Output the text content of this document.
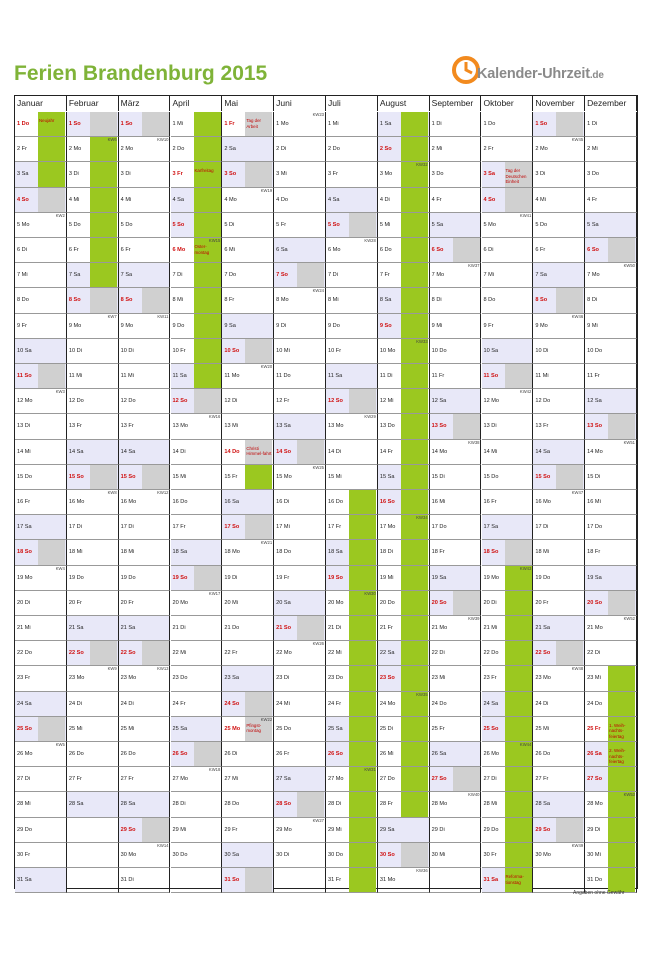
Ferien Brandenburg 2015	Kalender-Uhrzeit.de
Januar
1 Do
Neujahr
2 Fr
3 Sa
4 So
5 Mo
KW2
6 Di
7 Mi
8 Do
9 Fr
10 Sa
11 So
12 Mo
KW3
13 Di
14 Mi
15 Do
16 Fr
17 Sa
18 So
19 Mo
KW4
20 Di
21 Mi
22 Do
23 Fr
24 Sa
25 So
26 Mo
KW5
27 Di
28 Mi
29 Do
30 Fr
31 Sa
Februar
1 So
2 Mo
KW6
3 Di
4 Mi
5 Do
6 Fr
7 Sa
8 So
9 Mo
KW7
10 Di
11 Mi
12 Do
13 Fr
14 Sa
15 So
16 Mo
KW8
17 Di
18 Mi
19 Do
20 Fr
21 Sa
22 So
23 Mo
KW9
24 Di
25 Mi
26 Do
27 Fr
28 Sa
März
1 So
2 Mo
KW10
3 Di
4 Mi
5 Do
6 Fr
7 Sa
8 So
9 Mo
KW11
10 Di
11 Mi
12 Do
13 Fr
14 Sa
15 So
16 Mo
KW12
17 Di
18 Mi
19 Do
20 Fr
21 Sa
22 So
23 Mo
KW13
24 Di
25 Mi
26 Do
27 Fr
28 Sa
29 So
30 Mo
KW14
31 Di
April
1 Mi
2 Do
3 Fr
Karfreitag
4 Sa
5 So
6 Mo
Oster-montag
KW15
7 Di
8 Mi
9 Do
10 Fr
11 Sa
12 So
13 Mo
KW16
14 Di
15 Mi
16 Do
17 Fr
18 Sa
19 So
20 Mo
KW17
21 Di
22 Mi
23 Do
24 Fr
25 Sa
26 So
27 Mo
KW18
28 Di
29 Mi
30 Do
Mai
1 Fr
Tag der Arbeit
2 Sa
3 So
4 Mo
KW19
5 Di
6 Mi
7 Do
8 Fr
9 Sa
10 So
11 Mo
KW20
12 Di
13 Mi
14 Do
Christi Himmel-fahrt
15 Fr
16 Sa
17 So
18 Mo
KW21
19 Di
20 Mi
21 Do
22 Fr
23 Sa
24 So
25 Mo
Pfingst-montag
KW22
26 Di
27 Mi
28 Do
29 Fr
30 Sa
31 So
Juni
1 Mo
KW23
2 Di
3 Mi
4 Do
5 Fr
6 Sa
7 So
8 Mo
KW24
9 Di
10 Mi
11 Do
12 Fr
13 Sa
14 So
15 Mo
KW25
16 Di
17 Mi
18 Do
19 Fr
20 Sa
21 So
22 Mo
KW26
23 Di
24 Mi
25 Do
26 Fr
27 Sa
28 So
29 Mo
KW27
30 Di
Juli
1 Mi
2 Do
3 Fr
4 Sa
5 So
6 Mo
KW28
7 Di
8 Mi
9 Do
10 Fr
11 Sa
12 So
13 Mo
KW29
14 Di
15 Mi
16 Do
17 Fr
18 Sa
19 So
20 Mo
KW30
21 Di
22 Mi
23 Do
24 Fr
25 Sa
26 So
27 Mo
KW31
28 Di
29 Mi
30 Do
31 Fr
August
1 Sa
2 So
3 Mo
KW32
4 Di
5 Mi
6 Do
7 Fr
8 Sa
9 So
10 Mo
KW33
11 Di
12 Mi
13 Do
14 Fr
15 Sa
16 So
17 Mo
KW34
18 Di
19 Mi
20 Do
21 Fr
22 Sa
23 So
24 Mo
KW35
25 Di
26 Mi
27 Do
28 Fr
29 Sa
30 So
31 Mo
KW36
September
1 Di
2 Mi
3 Do
4 Fr
5 Sa
6 So
7 Mo
KW37
8 Di
9 Mi
10 Do
11 Fr
12 Sa
13 So
14 Mo
KW38
15 Di
16 Mi
17 Do
18 Fr
19 Sa
20 So
21 Mo
KW39
22 Di
23 Mi
24 Do
25 Fr
26 Sa
27 So
28 Mo
KW40
29 Di
30 Mi
Oktober
1 Do
2 Fr
3 Sa
Tag der Deutschen Einheit
4 So
5 Mo
KW41
6 Di
7 Mi
8 Do
9 Fr
10 Sa
11 So
12 Mo
KW42
13 Di
14 Mi
15 Do
16 Fr
17 Sa
18 So
19 Mo
KW43
20 Di
21 Mi
22 Do
23 Fr
24 Sa
25 So
26 Mo
KW44
27 Di
28 Mi
29 Do
30 Fr
31 Sa
Reforma-tionstag
November
1 So
2 Mo
KW45
3 Di
4 Mi
5 Do
6 Fr
7 Sa
8 So
9 Mo
KW46
10 Di
11 Mi
12 Do
13 Fr
14 Sa
15 So
16 Mo
KW47
17 Di
18 Mi
19 Do
20 Fr
21 Sa
22 So
23 Mo
KW48
24 Di
25 Mi
26 Do
27 Fr
28 Sa
29 So
30 Mo
KW49
Dezember
1 Di
2 Mi
3 Do
4 Fr
5 Sa
6 So
7 Mo
KW50
8 Di
9 Mi
10 Do
11 Fr
12 Sa
13 So
14 Mo
KW51
15 Di
16 Mi
17 Do
18 Fr
19 Sa
20 So
21 Mo
KW52
22 Di
23 Mi
24 Do
25 Fr
1. Weih-nachts-feiertag
26 Sa
2. Weih-nachts-feiertag
27 So
28 Mo
KW53
29 Di
30 Mi
31 Do
Angaben ohne Gewähr
